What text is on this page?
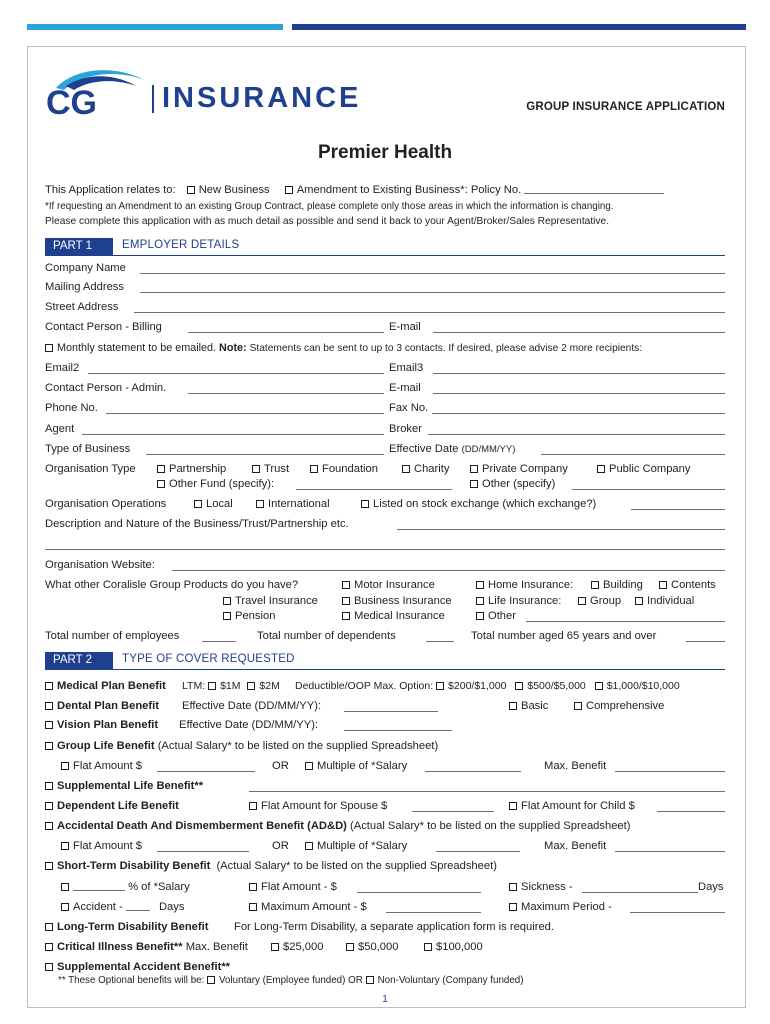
CG INSURANCE	GROUP INSURANCE APPLICATION
Premier Health
This Application relates to: New Business Amendment to Existing Business*: Policy No.
*If requesting an Amendment to an existing Group Contract, please complete only those areas in which the information is changing.
Please complete this application with as much detail as possible and send it back to your Agent/Broker/Sales Representative.
PART 1	EMPLOYER DETAILS
Company Name
Mailing Address
Street Address
Contact Person - Billing	E-mail
Monthly statement to be emailed. Note: Statements can be sent to up to 3 contacts. If desired, please advise 2 more recipients:
Email2	Email3
Contact Person - Admin.	E-mail
Phone No.	Fax No.
Agent	Broker
Type of Business	Effective Date (DD/MM/YY)
Organisation Type	Partnership	Trust	Foundation	Charity	Private Company	Public Company
Other Fund (specify):	Other (specify)
Organisation Operations	Local	International	Listed on stock exchange (which exchange?)
Description and Nature of the Business/Trust/Partnership etc.
Organisation Website:
What other Coralisle Group Products do you have?	Motor Insurance	Home Insurance:	Building	Contents
Travel Insurance	Business Insurance	Life Insurance:	Group	Individual
Pension	Medical Insurance	Other
Total number of employees	Total number of dependents	Total number aged 65 years and over
PART 2	TYPE OF COVER REQUESTED
Medical Plan Benefit LTM: $1M $2M Deductible/OOP Max. Option: $200/$1,000 $500/$5,000 $1,000/$10,000
Dental Plan Benefit Effective Date (DD/MM/YY):	Basic	Comprehensive
Vision Plan Benefit Effective Date (DD/MM/YY):
Group Life Benefit (Actual Salary* to be listed on the supplied Spreadsheet)
Flat Amount $	OR	Multiple of *Salary	Max. Benefit
Supplemental Life Benefit**
Dependent Life Benefit	Flat Amount for Spouse $	Flat Amount for Child $
Accidental Death And Dismemberment Benefit (AD&D) (Actual Salary* to be listed on the supplied Spreadsheet)
Flat Amount $	OR	Multiple of *Salary	Max. Benefit
Short-Term Disability Benefit (Actual Salary* to be listed on the supplied Spreadsheet)
% of *Salary	Flat Amount - $	Sickness -	Days
Accident -	Days	Maximum Amount - $	Maximum Period -
Long-Term Disability Benefit For Long-Term Disability, a separate application form is required.
Critical Illness Benefit** Max. Benefit	$25,000	$50,000	$100,000
Supplemental Accident Benefit**
** These Optional benefits will be: Voluntary (Employee funded) OR Non-Voluntary (Company funded)
1
